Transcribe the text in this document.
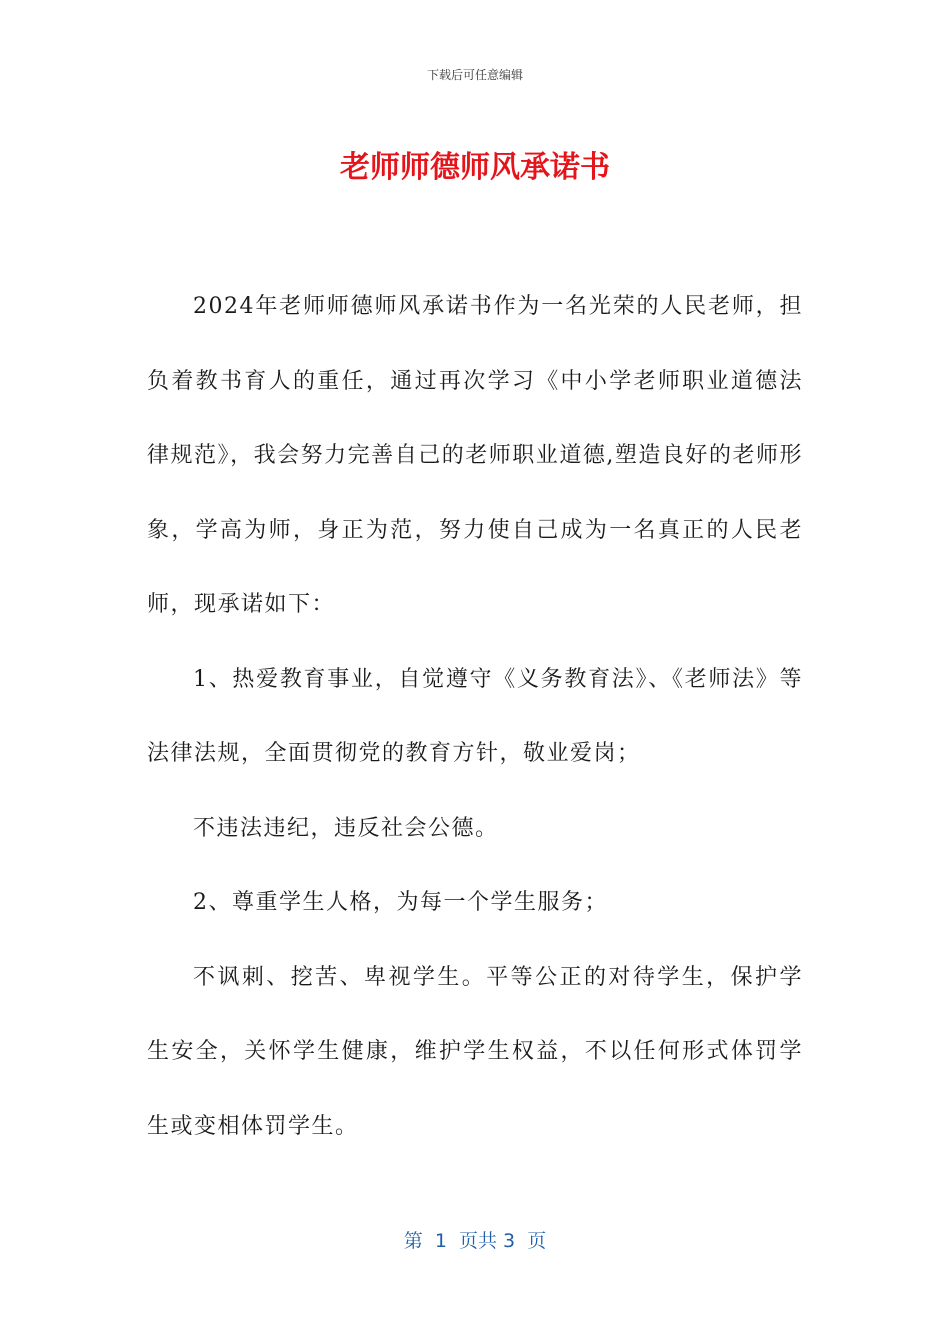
下载后可任意编辑
老师师德师风承诺书

2024年老师师德师风承诺书作为一名光荣的人民老师，担负着教书育人的重任，通过再次学习《中小学老师职业道德法律规范》，我会努力完善自己的老师职业道德,塑造良好的老师形象，学高为师，身正为范，努力使自己成为一名真正的人民老师，现承诺如下：

1、热爱教育事业，自觉遵守《义务教育法》、《老师法》等法律法规，全面贯彻党的教育方针，敬业爱岗；

不违法违纪，违反社会公德。

2、尊重学生人格，为每一个学生服务；

不讽刺、挖苦、卑视学生。平等公正的对待学生，保护学生安全，关怀学生健康，维护学生权益，不以任何形式体罚学生或变相体罚学生。

第  1  页共 3  页
